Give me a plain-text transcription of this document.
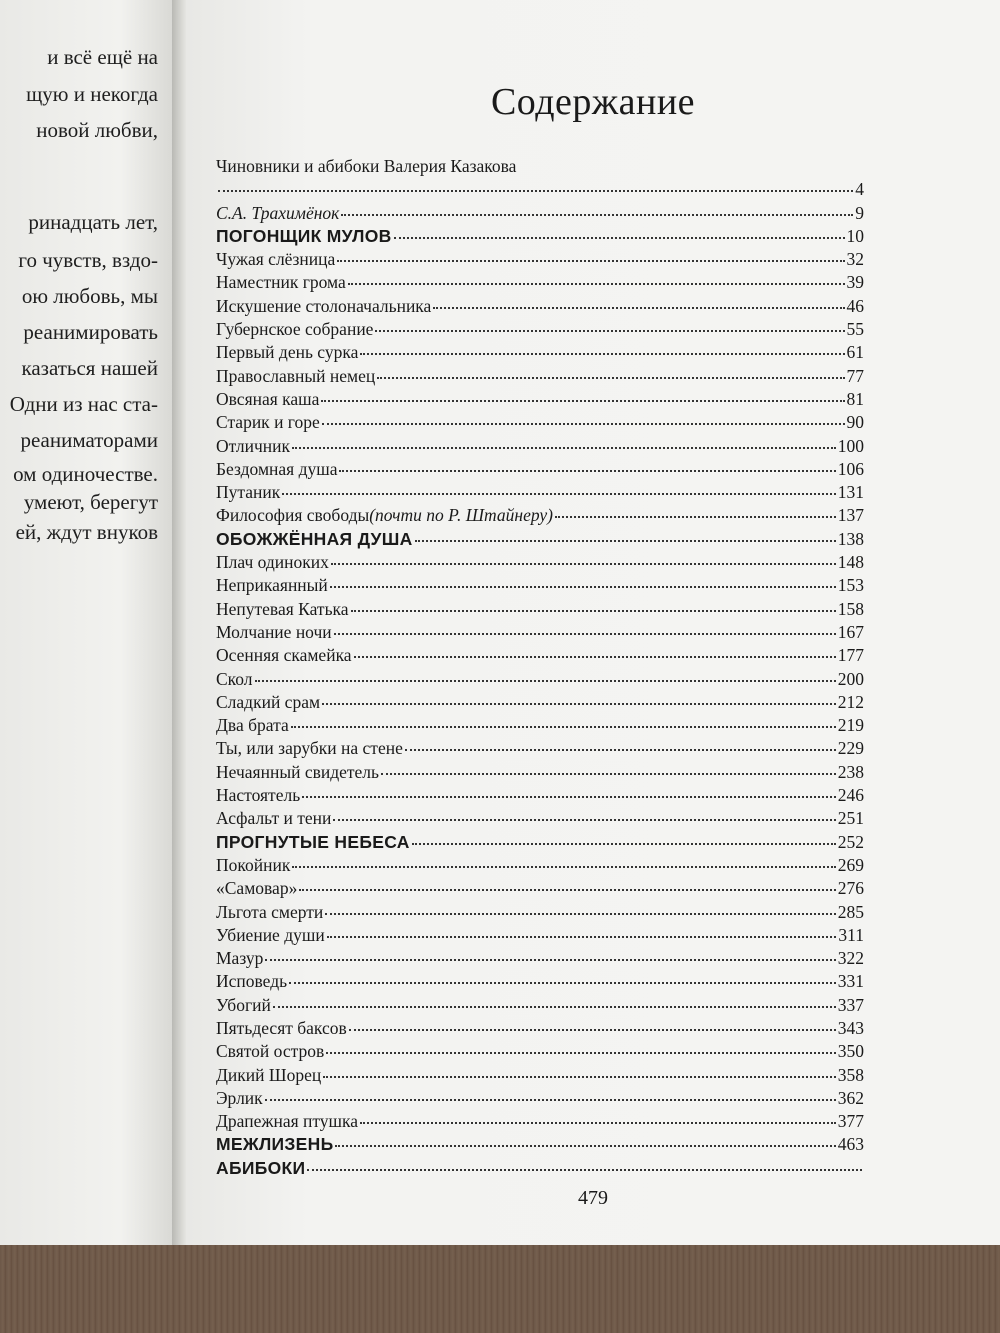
и всё ещё на
щую и некогда
новой любви,
ринадцать лет,
го чувств, вздо-
ою любовь, мы
реанимировать
казаться нашей
Одни из нас ста-
реаниматорами
ом одиночестве.
умеют, берегут
ей, ждут внуков
Содержание
Чиновники и абибоки Валерия Казакова
4
С.А. Трахимёнок	9
ПОГОНЩИК МУЛОВ	10
Чужая слёзница	32
Наместник грома	39
Искушение столоначальника	46
Губернское собрание	55
Первый день сурка	61
Православный немец	77
Овсяная каша	81
Старик и горе	90
Отличник	100
Бездомная душа	106
Путаник	131
Философия свободы(почти по Р. Штайнеру)	137
ОБОЖЖЁННАЯ ДУША	138
Плач одиноких	148
Неприкаянный	153
Непутевая Катька	158
Молчание ночи	167
Осенняя скамейка	177
Скол	200
Сладкий срам	212
Два брата	219
Ты, или зарубки на стене	229
Нечаянный свидетель	238
Настоятель	246
Асфальт и тени	251
ПРОГНУТЫЕ НЕБЕСА	252
Покойник	269
«Самовар»	276
Льгота смерти	285
Убиение души	311
Мазур	322
Исповедь	331
Убогий	337
Пятьдесят баксов	343
Святой остров	350
Дикий Шорец	358
Эрлик	362
Драпежная птушка	377
МЕЖЛИЗЕНЬ	463
АБИБОКИ
479
